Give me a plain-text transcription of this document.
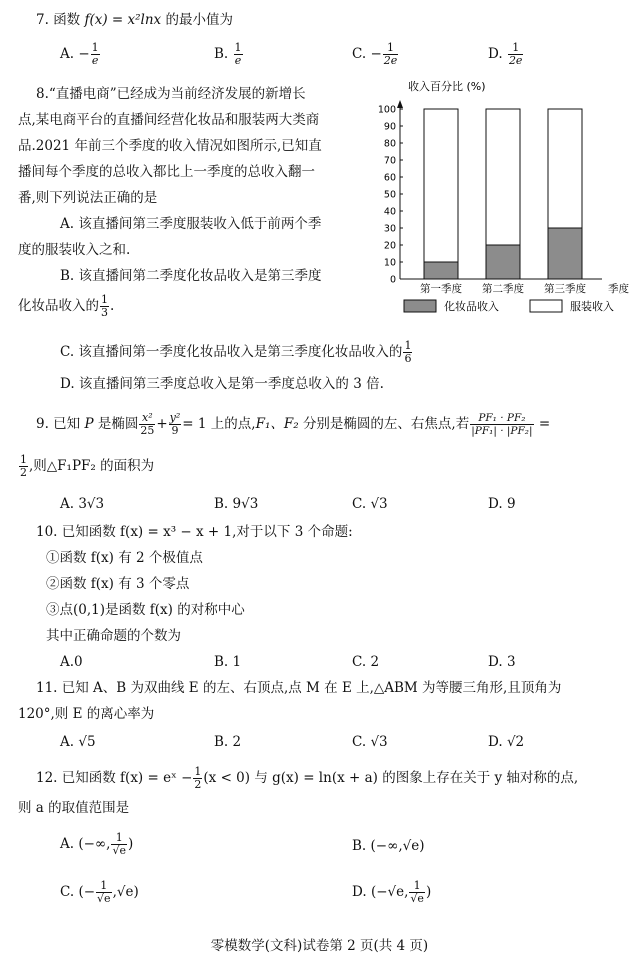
7. 函数 f(x) = x²lnx 的最小值为
A. − $\frac{1}{e}$	B. $\frac{1}{e}$	C. − $\frac{1}{2e}$	D. $\frac{1}{2e}$
8.“直播电商”已经成为当前经济发展的新增长
点,某电商平台的直播间经营化妆品和服装两大类商
品.2021 年前三个季度的收入情况如图所示,已知直
播间每个季度的总收入都比上一季度的总收入翻一
番,则下列说法正确的是
A. 该直播间第三季度服装收入低于前两个季
度的服装收入之和.
B. 该直播间第二季度化妆品收入是第三季度
化妆品收入的 $\frac{1}{3}$ .
C. 该直播间第一季度化妆品收入是第三季度化妆品收入的 $\frac{1}{6}$
D. 该直播间第三季度总收入是第一季度总收入的 3 倍.
收入百分比 (%)
0
10
20
30
40
50
60
70
80
90
100
第一季度 第二季度 第三季度 季度
化妆品收入	服装收入
9. 已知 P 是椭圆 $\frac{\text{x²}}{25} + \frac{\text{y²}}{9} = 1$ 上的点,F₁、F₂ 分别是椭圆的左、右焦点,若 $\frac{\text{PF₁ · PF₂}}{\text{|PF₁| · |PF₂|}}$ =
$\frac{1}{2}$ ,则△F₁PF₂ 的面积为
A. 3√3	B. 9√3	C. √3	D. 9
10. 已知函数 f(x) = x³ − x + 1,对于以下 3 个命题:
①函数 f(x) 有 2 个极值点
②函数 f(x) 有 3 个零点
③点(0,1)是函数 f(x) 的对称中心
其中正确命题的个数为
A.0	B. 1	C. 2	D. 3
11. 已知 A、B 为双曲线 E 的左、右顶点,点 M 在 E 上,△ABM 为等腰三角形,且顶角为
120°,则 E 的离心率为
A. √5	B. 2	C. √3	D. √2
12. 已知函数 f(x) = eˣ − $\frac{1}{2} (x < 0)$ 与 g(x) = ln(x + a) 的图象上存在关于 y 轴对称的点,
则 a 的取值范围是
A. (−∞, $\frac{1}{√e}$ )	B. (−∞,√e)
C. (− $\frac{1}{√e} ,√e$)	D. (−√e, $\frac{1}{√e}$ )
零模数学(文科)试卷第 2 页(共 4 页)
